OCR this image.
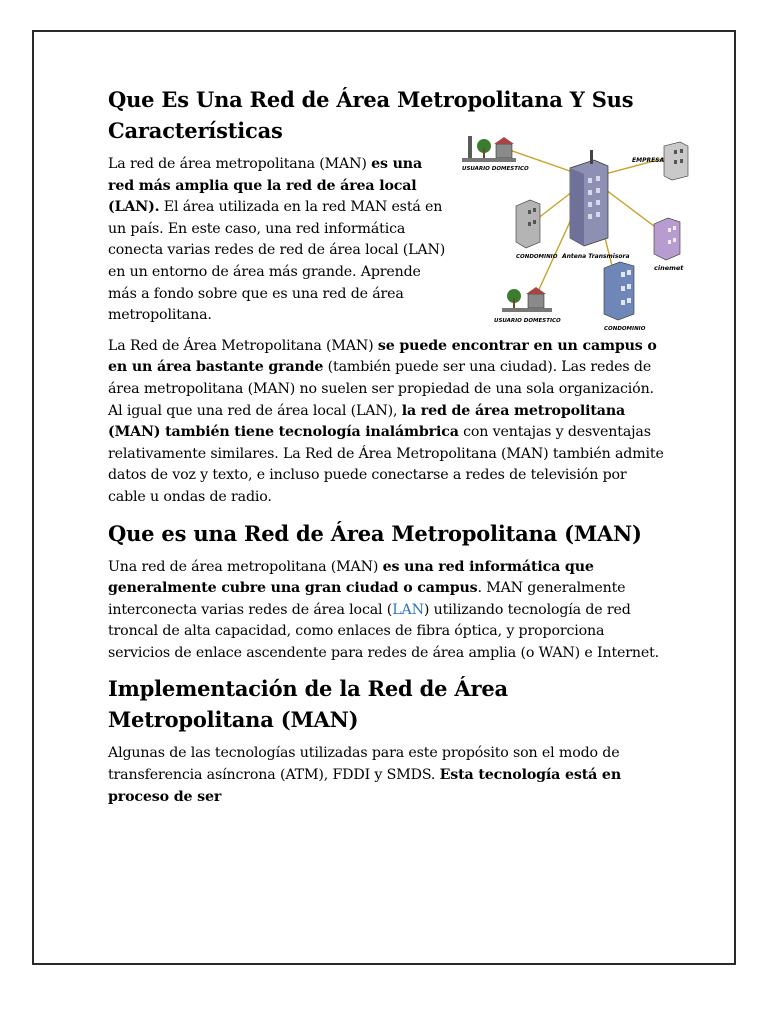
Que Es Una Red de Área Metropolitana Y Sus Características
USUARIO DOMESTICO
Antena Transmisora
EMPRESA
CONDOMINIO
cinemet
USUARIO DOMESTICO
CONDOMINIO

La red de área metropolitana (MAN) es una red más amplia que la red de área local (LAN). El área utilizada en la red MAN está en un país. En este caso, una red informática conecta varias redes de red de área local (LAN) en un entorno de área más grande. Aprende más a fondo sobre que es una red de área metropolitana.

La Red de Área Metropolitana (MAN) se puede encontrar en un campus o en un área bastante grande (también puede ser una ciudad). Las redes de área metropolitana (MAN) no suelen ser propiedad de una sola organización. Al igual que una red de área local (LAN), la red de área metropolitana (MAN) también tiene tecnología inalámbrica con ventajas y desventajas relativamente similares. La Red de Área Metropolitana (MAN) también admite datos de voz y texto, e incluso puede conectarse a redes de televisión por cable u ondas de radio.

Que es una Red de Área Metropolitana (MAN)

Una red de área metropolitana (MAN) es una red informática que generalmente cubre una gran ciudad o campus. MAN generalmente interconecta varias redes de área local (LAN) utilizando tecnología de red troncal de alta capacidad, como enlaces de fibra óptica, y proporciona servicios de enlace ascendente para redes de área amplia (o WAN) e Internet.

Implementación de la Red de Área Metropolitana (MAN)

Algunas de las tecnologías utilizadas para este propósito son el modo de transferencia asíncrona (ATM), FDDI y SMDS. Esta tecnología está en proceso de ser
